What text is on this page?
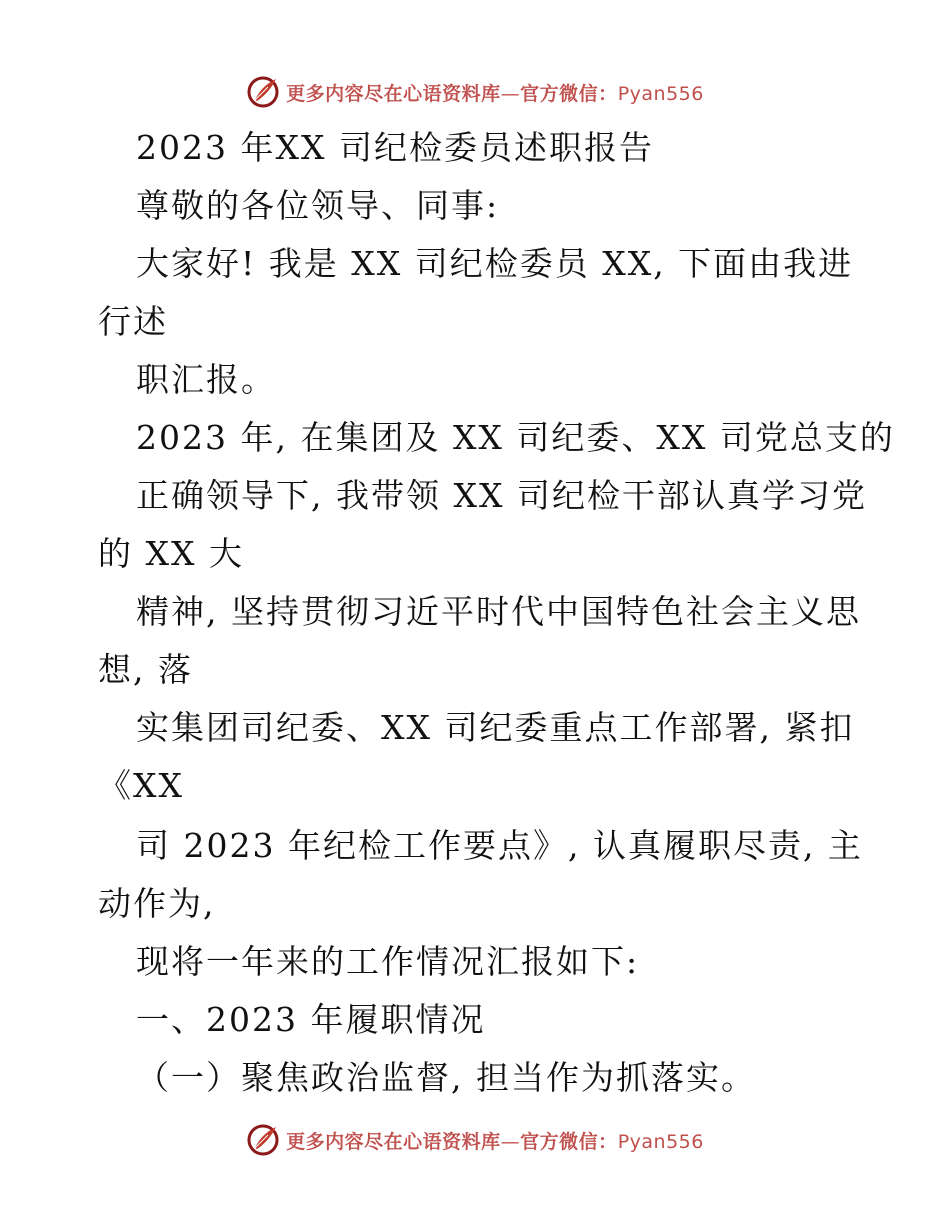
更多内容尽在心语资料库—官方微信：Pyan556
2023 年XX 司纪检委员述职报告
尊敬的各位领导、同事:
大家好! 我是 XX 司纪检委员 XX, 下面由我进
行述
职汇报。
2023 年, 在集团及 XX 司纪委、XX 司党总支的
正确领导下, 我带领 XX 司纪检干部认真学习党
的 XX 大
精神, 坚持贯彻习近平时代中国特色社会主义思
想, 落
实集团司纪委、XX 司纪委重点工作部署, 紧扣
《XX
司 2023 年纪检工作要点》, 认真履职尽责, 主
动作为,
现将一年来的工作情况汇报如下:
一、2023 年履职情况
（一）聚焦政治监督, 担当作为抓落实。
更多内容尽在心语资料库—官方微信：Pyan556
